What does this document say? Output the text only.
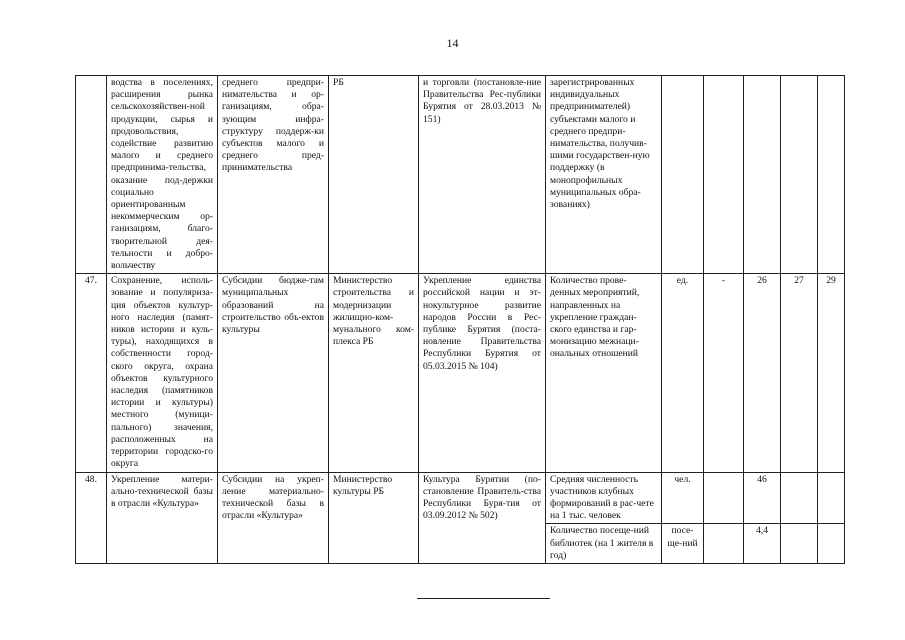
14
	водства в поселениях, расширения рынка сельскохозяйствен-ной продукции, сырья и продовольствия, содействие развитию малого и среднего предпринима-тельства, оказание под-держки социально ориентированным некоммерческим ор-ганизациям, благо-творительной дея-тельности и добро-вольчеству	среднего предпри-нимательства и ор-ганизациям, обра-зующим инфра-структуру поддерж-ки субъектов малого и среднего пред-принимательства	РБ	и торговли (постановле-ние Правительства Рес-публики Бурятия от 28.03.2013 № 151)	зарегистрированных индивидуальных предпринимателей) субъектами малого и среднего предпри-нимательства, получив-шими государствен-ную поддержку (в монопрофильных муниципальных обра-зованиях)					
47.	Сохранение, исполь-зование и популяриза-ция объектов культур-ного наследия (памят-ников истории и куль-туры), находящихся в собственности город-ского округа, охрана объектов культурного наследия (памятников истории и культуры) местного (муници-пального) значения, расположенных на территории городско-го округа	Субсидии бюдже-там муниципальных образований на строительство объ-ектов культуры	Министерство строительства и модернизации жилищно-ком-мунального ком-плекса РБ	Укрепление единства российской нации и эт-нокультурное развитие народов России в Рес-публике Бурятия (поста-новление Правительства Республики Бурятия от 05.03.2015 № 104)	Количество прове-денных мероприятий, направленных на укрепление граждан-ского единства и гар-монизацию межнаци-ональных отношений	ед.	-	26	27	29
48.	Укрепление матери-ально-технической базы в отрасли «Культура»	Субсидии на укреп-ление материально-технической базы в отрасли «Культура»	Министерство культуры РБ	Культура Бурятии (по-становление Правитель-ства Республики Буря-тия от 03.09.2012 № 502)	Средняя численность участников клубных формирований в рас-чете на 1 тыс. человек	чел.		46		
					Количество посеще-ний библиотек (на 1 жителя в год)	посе-ще-ний		4,4		
